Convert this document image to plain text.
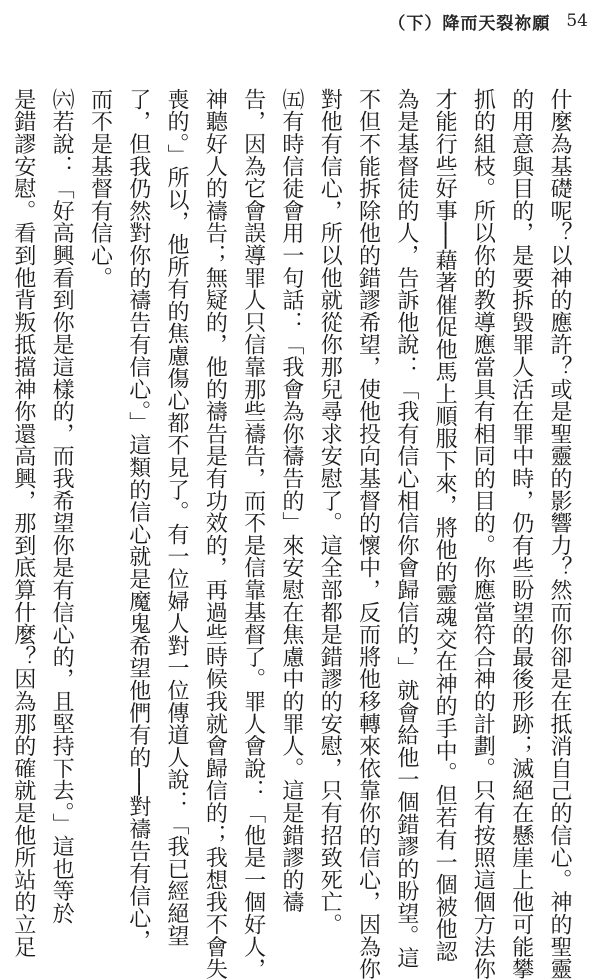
（下）降而天裂祢願 54
什麼為基礎呢？以神的應許？或是聖靈的影響力？然而你卻是在抵消自己的信心。神的聖靈
的用意與目的，是要拆毀罪人活在罪中時，仍有些盼望的最後形跡；滅絕在懸崖上他可能攀
抓的組枝。所以你的教導應當具有相同的目的。你應當符合神的計劃。只有按照這個方法你
才能行些好事──藉著催促他馬上順服下來，將他的靈魂交在神的手中。但若有一個被他認
為是基督徒的人，告訴他說：「我有信心相信你會歸信的，」就會給他一個錯謬的盼望。這
不但不能拆除他的錯謬希望，使他投向基督的懷中，反而將他移轉來依靠你的信心，因為你
對他有信心，所以他就從你那兒尋求安慰了。這全部都是錯謬的安慰，只有招致死亡。
㈤有時信徒會用一句話：「我會為你禱告的」來安慰在焦慮中的罪人。這是錯謬的禱
告，因為它會誤導罪人只信靠那些禱告，而不是信靠基督了。罪人會說：「他是一個好人，
神聽好人的禱告；無疑的，他的禱告是有功效的，再過些時候我就會歸信的；我想我不會失
喪的。」所以，他所有的焦慮傷心都不見了。有一位婦人對一位傳道人說：「我已經絕望
了，但我仍然對你的禱告有信心。」這類的信心就是魔鬼希望他們有的──對禱告有信心，
而不是基督有信心。
㈥若說：「好高興看到你是這樣的，而我希望你是有信心的，且堅持下去。」這也等於
是錯謬安慰。看到他背叛抵擋神你還高興，那到底算什麼？因為那的確就是他所站的立足
